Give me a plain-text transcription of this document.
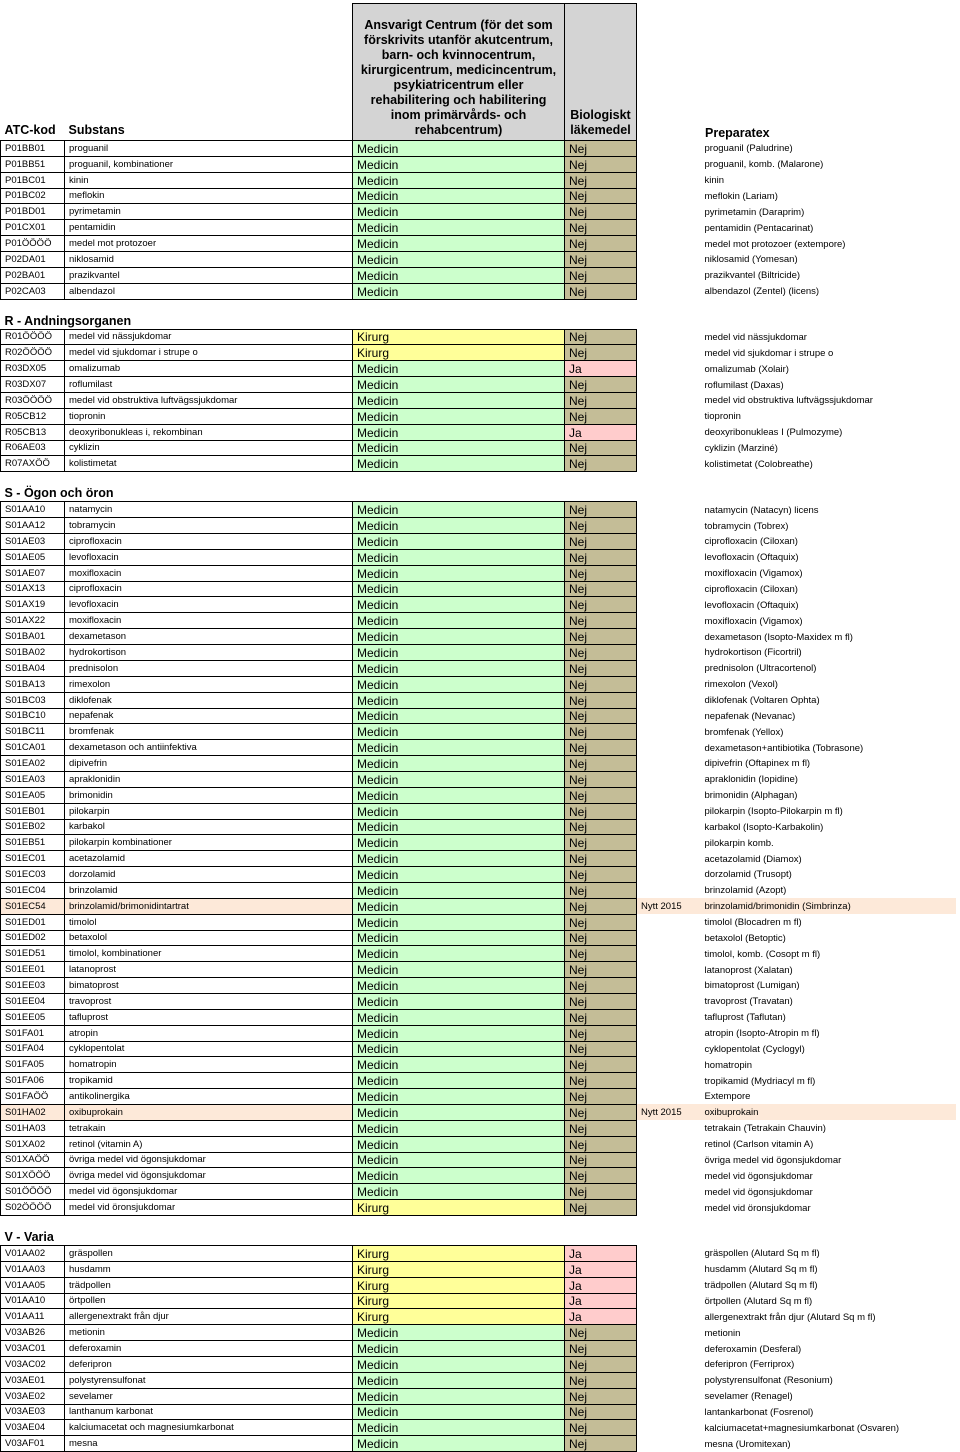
ATC-kod	Substans	Ansvarigt Centrum (för det som förskrivits utanför akutcentrum, barn- och kvinnocentrum, kirurgicentrum, medicincentrum, psykiatricentrum eller rehabilitering och habilitering inom primärvårds- och rehabcentrum)	Biologiskt läkemedel	Preparatex	
P01BB01	proguanil	Medicin	Nej		proguanil (Paludrine)
P01BB51	proguanil, kombinationer	Medicin	Nej		proguanil, komb. (Malarone)
P01BC01	kinin	Medicin	Nej		kinin
P01BC02	meflokin	Medicin	Nej		meflokin (Lariam)
P01BD01	pyrimetamin	Medicin	Nej		pyrimetamin (Daraprim)
P01CX01	pentamidin	Medicin	Nej		pentamidin (Pentacarinat)
P01ÖÖÖÖ	medel mot protozoer	Medicin	Nej		medel mot protozoer (extempore)
P02DA01	niklosamid	Medicin	Nej		niklosamid (Yomesan)
P02BA01	prazikvantel	Medicin	Nej		prazikvantel (Biltricide)
P02CA03	albendazol	Medicin	Nej		albendazol (Zentel) (licens)

R - Andningsorganen					
R01ÖÖÖÖ	medel vid nässjukdomar	Kirurg	Nej		medel vid nässjukdomar
R02ÖÖÖÖ	medel vid sjukdomar i strupe o	Kirurg	Nej		medel vid sjukdomar i strupe o
R03DX05	omalizumab	Medicin	Ja		omalizumab (Xolair)
R03DX07	roflumilast	Medicin	Nej		roflumilast (Daxas)
R03ÖÖÖÖ	medel vid obstruktiva luftvägssjukdomar	Medicin	Nej		medel vid obstruktiva luftvägssjukdomar
R05CB12	tiopronin	Medicin	Nej		tiopronin
R05CB13	deoxyribonukleas i, rekombinan	Medicin	Ja		deoxyribonukleas I (Pulmozyme)
R06AE03	cyklizin	Medicin	Nej		cyklizin (Marziné)
R07AXÖÖ	kolistimetat	Medicin	Nej		kolistimetat (Colobreathe)

S - Ögon och öron					
S01AA10	natamycin	Medicin	Nej		natamycin (Natacyn) licens
S01AA12	tobramycin	Medicin	Nej		tobramycin (Tobrex)
S01AE03	ciprofloxacin	Medicin	Nej		ciprofloxacin (Ciloxan)
S01AE05	levofloxacin	Medicin	Nej		levofloxacin (Oftaquix)
S01AE07	moxifloxacin	Medicin	Nej		moxifloxacin (Vigamox)
S01AX13	ciprofloxacin	Medicin	Nej		ciprofloxacin (Ciloxan)
S01AX19	levofloxacin	Medicin	Nej		levofloxacin (Oftaquix)
S01AX22	moxifloxacin	Medicin	Nej		moxifloxacin (Vigamox)
S01BA01	dexametason	Medicin	Nej		dexametason (Isopto-Maxidex m fl)
S01BA02	hydrokortison	Medicin	Nej		hydrokortison (Ficortril)
S01BA04	prednisolon	Medicin	Nej		prednisolon (Ultracortenol)
S01BA13	rimexolon	Medicin	Nej		rimexolon (Vexol)
S01BC03	diklofenak	Medicin	Nej		diklofenak (Voltaren Ophta)
S01BC10	nepafenak	Medicin	Nej		nepafenak (Nevanac)
S01BC11	bromfenak	Medicin	Nej		bromfenak (Yellox)
S01CA01	dexametason och antiinfektiva	Medicin	Nej		dexametason+antibiotika (Tobrasone)
S01EA02	dipivefrin	Medicin	Nej		dipivefrin (Oftapinex m fl)
S01EA03	apraklonidin	Medicin	Nej		apraklonidin (Iopidine)
S01EA05	brimonidin	Medicin	Nej		brimonidin (Alphagan)
S01EB01	pilokarpin	Medicin	Nej		pilokarpin (Isopto-Pilokarpin m fl)
S01EB02	karbakol	Medicin	Nej		karbakol (Isopto-Karbakolin)
S01EB51	pilokarpin kombinationer	Medicin	Nej		pilokarpin komb.
S01EC01	acetazolamid	Medicin	Nej		acetazolamid (Diamox)
S01EC03	dorzolamid	Medicin	Nej		dorzolamid (Trusopt)
S01EC04	brinzolamid	Medicin	Nej		brinzolamid (Azopt)
S01EC54	brinzolamid/brimonidintartrat	Medicin	Nej	Nytt 2015	brinzolamid/brimonidin (Simbrinza)
S01ED01	timolol	Medicin	Nej		timolol (Blocadren m fl)
S01ED02	betaxolol	Medicin	Nej		betaxolol (Betoptic)
S01ED51	timolol, kombinationer	Medicin	Nej		timolol, komb. (Cosopt m fl)
S01EE01	latanoprost	Medicin	Nej		latanoprost (Xalatan)
S01EE03	bimatoprost	Medicin	Nej		bimatoprost (Lumigan)
S01EE04	travoprost	Medicin	Nej		travoprost (Travatan)
S01EE05	tafluprost	Medicin	Nej		tafluprost (Taflutan)
S01FA01	atropin	Medicin	Nej		atropin (Isopto-Atropin m fl)
S01FA04	cyklopentolat	Medicin	Nej		cyklopentolat (Cyclogyl)
S01FA05	homatropin	Medicin	Nej		homatropin
S01FA06	tropikamid	Medicin	Nej		tropikamid (Mydriacyl m fl)
S01FAÖÖ	antikolinergika	Medicin	Nej		Extempore
S01HA02	oxibuprokain	Medicin	Nej	Nytt 2015	oxibuprokain
S01HA03	tetrakain	Medicin	Nej		tetrakain (Tetrakain Chauvin)
S01XA02	retinol (vitamin A)	Medicin	Nej		retinol (Carlson vitamin A)
S01XAÖÖ	övriga medel vid ögonsjukdomar	Medicin	Nej		övriga medel vid ögonsjukdomar
S01XÖÖÖ	övriga medel vid ögonsjukdomar	Medicin	Nej		medel vid ögonsjukdomar
S01ÖÖÖÖ	medel vid ögonsjukdomar	Medicin	Nej		medel vid ögonsjukdomar
S02ÖÖÖÖ	medel vid öronsjukdomar	Kirurg	Nej		medel vid öronsjukdomar

V - Varia					
V01AA02	gräspollen	Kirurg	Ja		gräspollen (Alutard Sq m fl)
V01AA03	husdamm	Kirurg	Ja		husdamm (Alutard Sq m fl)
V01AA05	trädpollen	Kirurg	Ja		trädpollen (Alutard Sq m fl)
V01AA10	örtpollen	Kirurg	Ja		örtpollen (Alutard Sq m fl)
V01AA11	allergenextrakt från djur	Kirurg	Ja		allergenextrakt från djur (Alutard Sq m fl)
V03AB26	metionin	Medicin	Nej		metionin
V03AC01	deferoxamin	Medicin	Nej		deferoxamin (Desferal)
V03AC02	deferipron	Medicin	Nej		deferipron (Ferriprox)
V03AE01	polystyrensulfonat	Medicin	Nej		polystyrensulfonat (Resonium)
V03AE02	sevelamer	Medicin	Nej		sevelamer (Renagel)
V03AE03	lanthanum karbonat	Medicin	Nej		lantankarbonat (Fosrenol)
V03AE04	kalciumacetat och magnesiumkarbonat	Medicin	Nej		kalciumacetat+magnesiumkarbonat (Osvaren)
V03AF01	mesna	Medicin	Nej		mesna (Uromitexan)
